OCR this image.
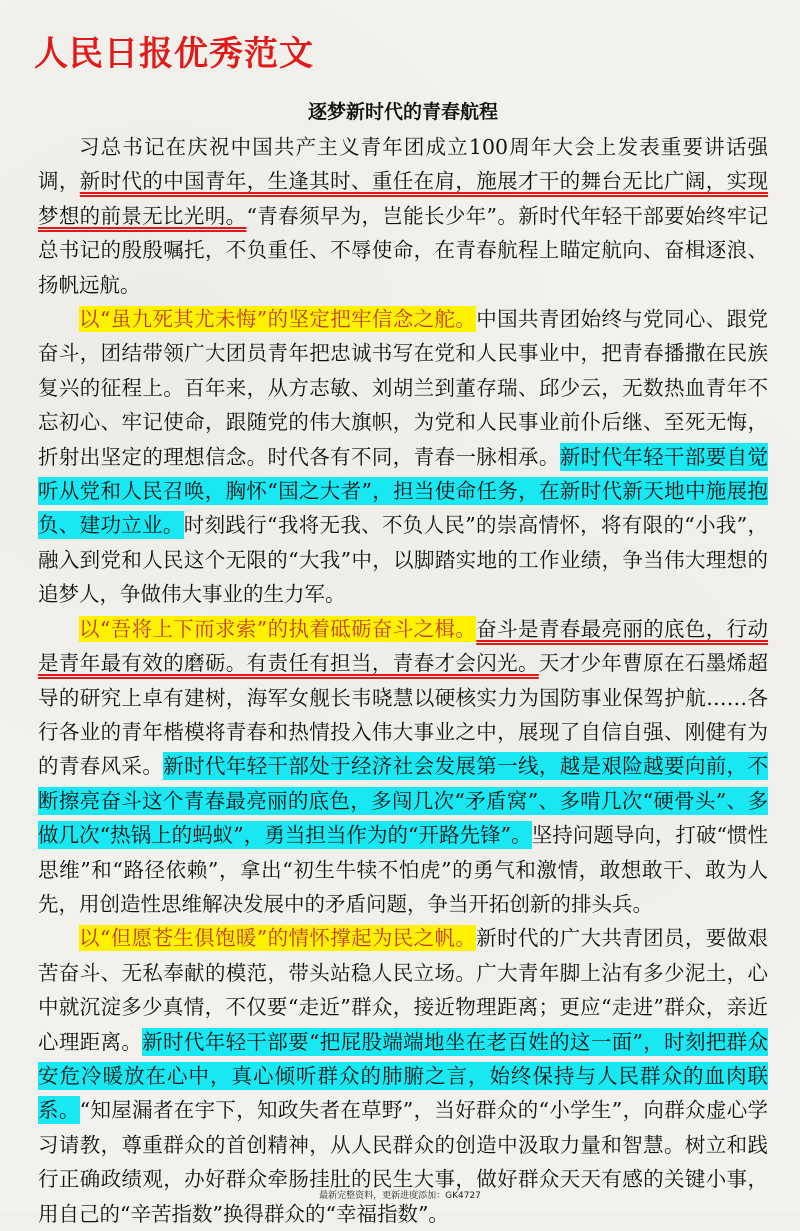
人民日报优秀范文
逐梦新时代的青春航程

习总书记在庆祝中国共产主义青年团成立100周年大会上发表重要讲话强调，新时代的中国青年，生逢其时、重任在肩，施展才干的舞台无比广阔，实现梦想的前景无比光明。“青春须早为，岂能长少年”。新时代年轻干部要始终牢记总书记的殷殷嘱托，不负重任、不辱使命，在青春航程上瞄定航向、奋楫逐浪、扬帆远航。

以“虽九死其尤未悔”的坚定把牢信念之舵。中国共青团始终与党同心、跟党奋斗，团结带领广大团员青年把忠诚书写在党和人民事业中，把青春播撒在民族复兴的征程上。百年来，从方志敏、刘胡兰到董存瑞、邱少云，无数热血青年不忘初心、牢记使命，跟随党的伟大旗帜，为党和人民事业前仆后继、至死无悔，折射出坚定的理想信念。时代各有不同，青春一脉相承。新时代年轻干部要自觉听从党和人民召唤，胸怀“国之大者”，担当使命任务，在新时代新天地中施展抱负、建功立业。时刻践行“我将无我、不负人民”的崇高情怀，将有限的“小我”，融入到党和人民这个无限的“大我”中，以脚踏实地的工作业绩，争当伟大理想的追梦人，争做伟大事业的生力军。

以“吾将上下而求索”的执着砥砺奋斗之楫。奋斗是青春最亮丽的底色，行动是青年最有效的磨砺。有责任有担当，青春才会闪光。天才少年曹原在石墨烯超导的研究上卓有建树，海军女舰长韦晓慧以硬核实力为国防事业保驾护航……各行各业的青年楷模将青春和热情投入伟大事业之中，展现了自信自强、刚健有为的青春风采。新时代年轻干部处于经济社会发展第一线，越是艰险越要向前，不断擦亮奋斗这个青春最亮丽的底色，多闯几次“矛盾窝”、多啃几次“硬骨头”、多做几次“热锅上的蚂蚁”，勇当担当作为的“开路先锋”。坚持问题导向，打破“惯性思维”和“路径依赖”，拿出“初生牛犊不怕虎”的勇气和激情，敢想敢干、敢为人先，用创造性思维解决发展中的矛盾问题，争当开拓创新的排头兵。

以“但愿苍生俱饱暖”的情怀撑起为民之帆。新时代的广大共青团员，要做艰苦奋斗、无私奉献的模范，带头站稳人民立场。广大青年脚上沾有多少泥土，心中就沉淀多少真情，不仅要“走近”群众，接近物理距离；更应“走进”群众，亲近心理距离。新时代年轻干部要“把屁股端端地坐在老百姓的这一面”，时刻把群众安危冷暖放在心中，真心倾听群众的肺腑之言，始终保持与人民群众的血肉联系。“知屋漏者在宇下，知政失者在草野”，当好群众的“小学生”，向群众虚心学习请教，尊重群众的首创精神，从人民群众的创造中汲取力量和智慧。树立和践行正确政绩观，办好群众牵肠挂肚的民生大事，做好群众天天有感的关键小事，用自己的“辛苦指数”换得群众的“幸福指数”。

最新完整资料，更新进度添加：GK4727
